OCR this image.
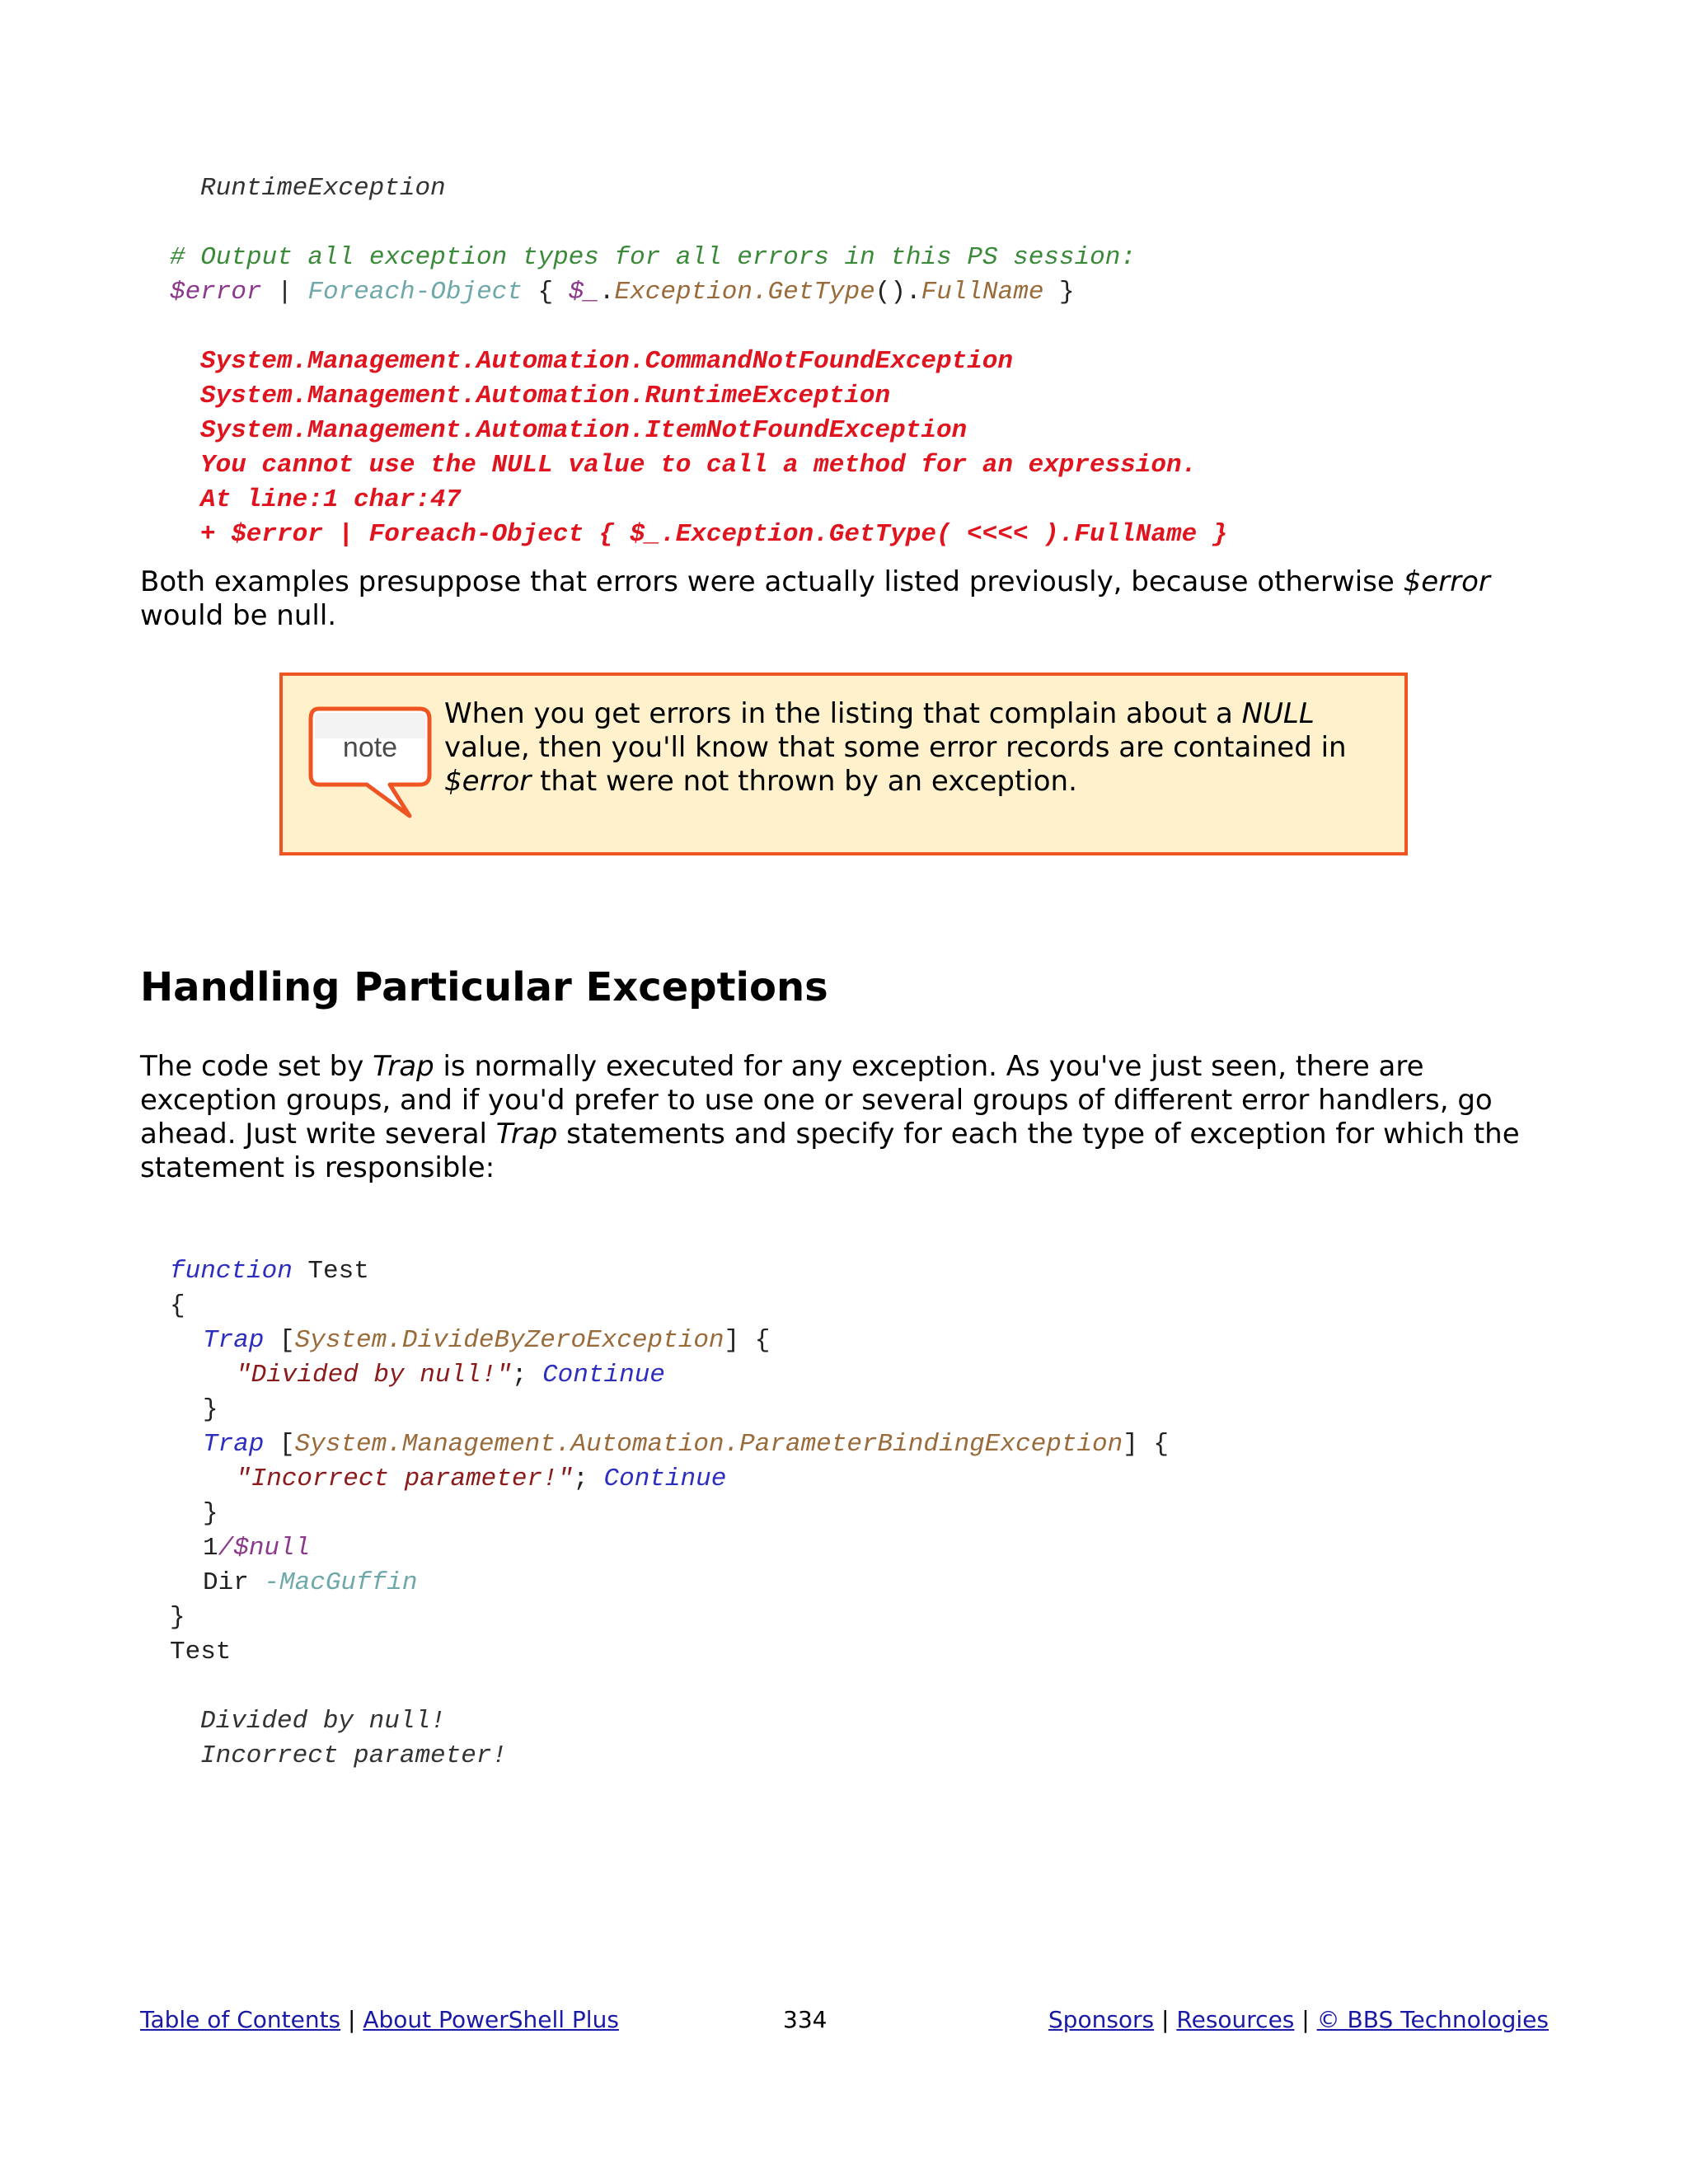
RuntimeException
# Output all exception types for all errors in this PS session:
$error | Foreach-Object { $_.Exception.GetType().FullName }
System.Management.Automation.CommandNotFoundException
System.Management.Automation.RuntimeException
System.Management.Automation.ItemNotFoundException
You cannot use the NULL value to call a method for an expression.
At line:1 char:47
+ $error | Foreach-Object { $_.Exception.GetType( <<<< ).FullName }

Both examples presuppose that errors were actually listed previously, because otherwise $error would be null.

note

When you get errors in the listing that complain about a NULL value, then you'll know that some error records are contained in $error that were not thrown by an exception.

Handling Particular Exceptions

The code set by Trap is normally executed for any exception. As you've just seen, there are exception groups, and if you'd prefer to use one or several groups of different error handlers, go ahead. Just write several Trap statements and specify for each the type of exception for which the statement is responsible:

function Test
{
Trap [System.DivideByZeroException] {
"Divided by null!"; Continue
}
Trap [System.Management.Automation.ParameterBindingException] {
"Incorrect parameter!"; Continue
}
1/$null
Dir -MacGuffin
}
Test
Divided by null!
Incorrect parameter!
Table of Contents | About PowerShell Plus	334	Sponsors | Resources | © BBS Technologies
